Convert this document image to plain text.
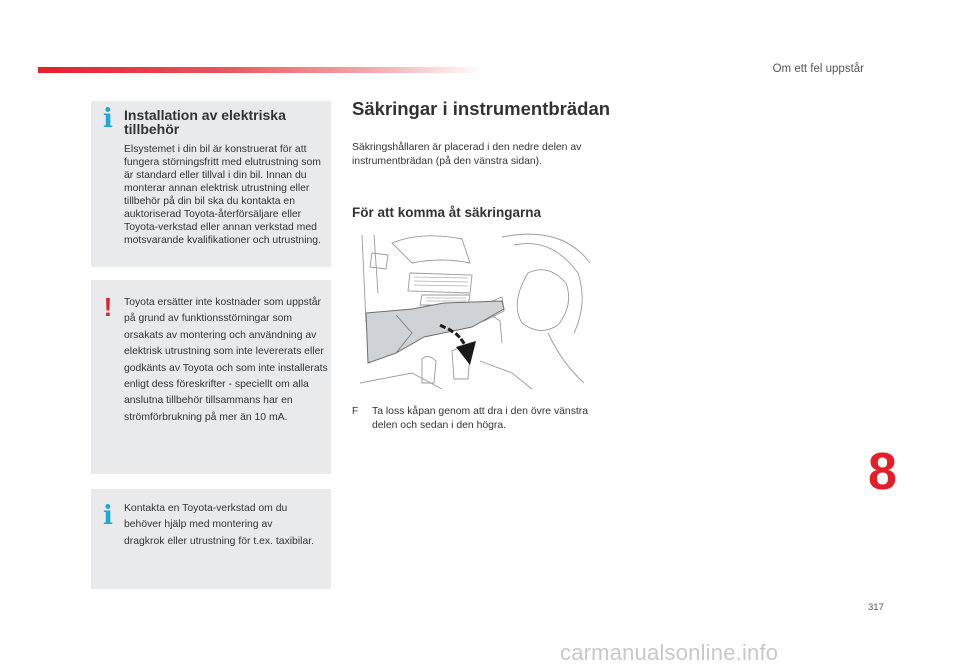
Om ett fel uppstår
i Installation av elektriska tillbehör
Elsystemet i din bil är konstruerat för att fungera störningsfritt med elutrustning som är standard eller tillval i din bil. Innan du monterar annan elektrisk utrustning eller tillbehör på din bil ska du kontakta en auktoriserad Toyota-återförsäljare eller Toyota-verkstad eller annan verkstad med motsvarande kvalifikationer och utrustning.
!	Toyota ersätter inte kostnader som uppstår på grund av funktionsstörningar som orsakats av montering och användning av elektrisk utrustning som inte levererats eller godkänts av Toyota och som inte installerats enligt dess föreskrifter - speciellt om alla anslutna tillbehör tillsammans har en strömförbrukning på mer än 10 mA.
i Kontakta en Toyota-verkstad om du behöver hjälp med montering av dragkrok eller utrustning för t.ex. taxibilar.
Säkringar i instrumentbrädan
Säkringshållaren är placerad i den nedre delen av instrumentbrädan (på den vänstra sidan).
För att komma åt säkringarna
F	Ta loss kåpan genom att dra i den övre vänstra delen och sedan i den högra.
8
317
carmanualsonline.info
